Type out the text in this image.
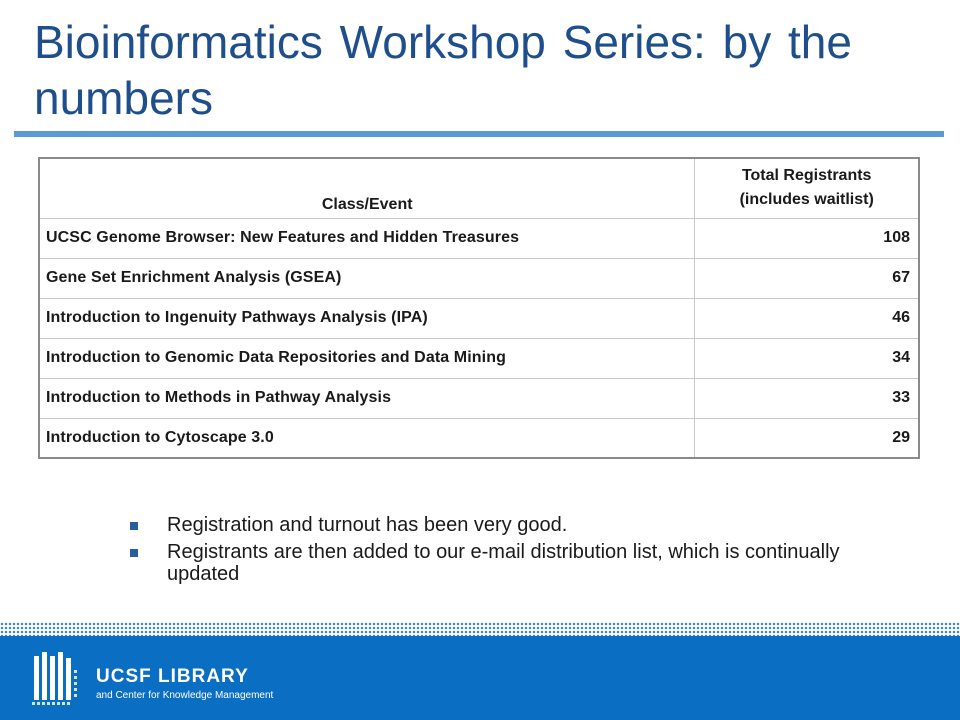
Bioinformatics Workshop Series: by the numbers
Class/Event	Total Registrants
(includes waitlist)

UCSC Genome Browser: New Features and Hidden Treasures	108
Gene Set Enrichment Analysis (GSEA)	67
Introduction to Ingenuity Pathways Analysis (IPA)	46
Introduction to Genomic Data Repositories and Data Mining	34
Introduction to Methods in Pathway Analysis	33
Introduction to Cytoscape 3.0	29
Registration and turnout has been very good.
Registrants are then added to our e-mail distribution list, which is continually updated
UCSF LIBRARY
and Center for Knowledge Management
